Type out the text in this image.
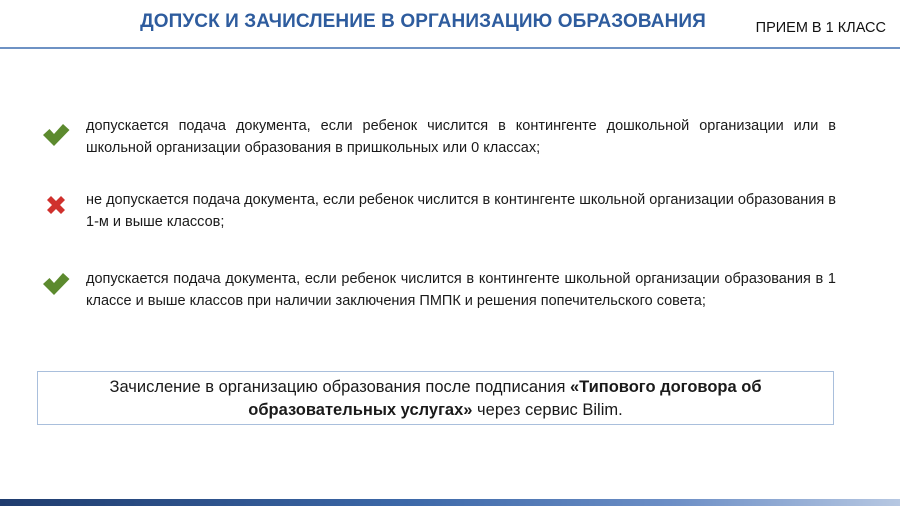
ДОПУСК И ЗАЧИСЛЕНИЕ В ОРГАНИЗАЦИЮ ОБРАЗОВАНИЯ	ПРИЕМ В 1 КЛАСС
допускается подача документа, если ребенок числится в контингенте дошкольной организации или в школьной организации образования в пришкольных или 0 классах;
не допускается подача документа, если ребенок числится в контингенте школьной организации образования в 1-м и выше классов;
допускается подача документа, если ребенок числится в контингенте школьной организации образования в 1 классе и выше классов при наличии заключения ПМПК и решения попечительского совета;
Зачисление в организацию образования после подписания «Типового договора об образовательных услугах» через сервис Bilim.
